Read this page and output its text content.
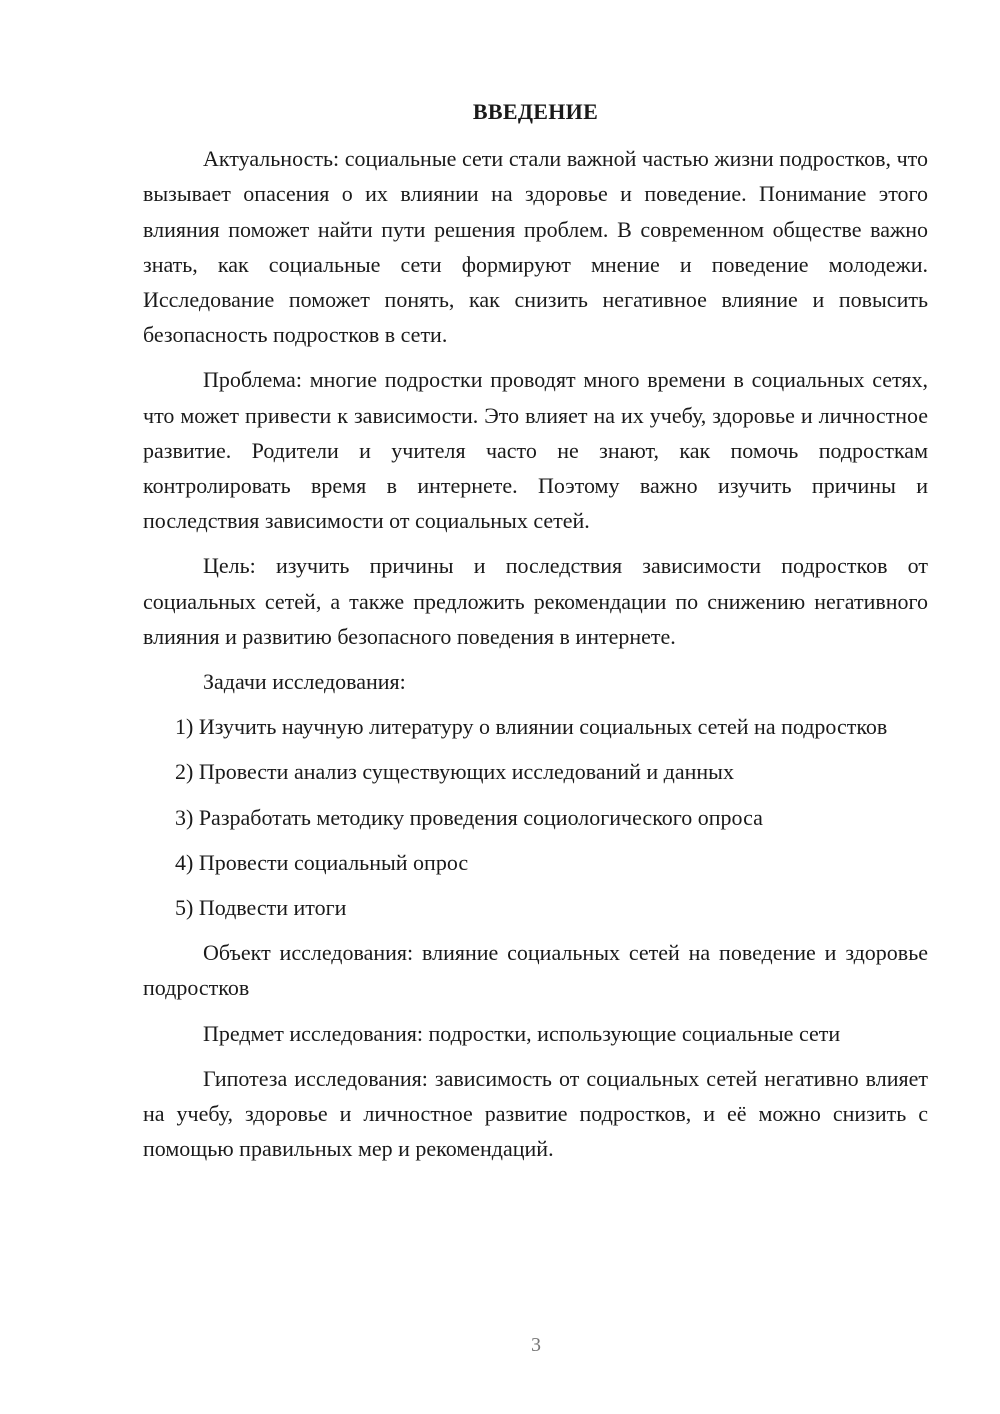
ВВЕДЕНИЕ

Актуальность: социальные сети стали важной частью жизни подростков, что вызывает опасения о их влиянии на здоровье и поведение. Понимание этого влияния поможет найти пути решения проблем. В современном обществе важно знать, как социальные сети формируют мнение и поведение молодежи. Исследование поможет понять, как снизить негативное влияние и повысить безопасность подростков в сети.

Проблема: многие подростки проводят много времени в социальных сетях, что может привести к зависимости. Это влияет на их учебу, здоровье и личностное развитие. Родители и учителя часто не знают, как помочь подросткам контролировать время в интернете. Поэтому важно изучить причины и последствия зависимости от социальных сетей.

Цель: изучить причины и последствия зависимости подростков от социальных сетей, а также предложить рекомендации по снижению негативного влияния и развитию безопасного поведения в интернете.

Задачи исследования:

1) Изучить научную литературу о влиянии социальных сетей на подростков

2) Провести анализ существующих исследований и данных

3) Разработать методику проведения социологического опроса

4) Провести социальный опрос

5) Подвести итоги

Объект исследования: влияние социальных сетей на поведение и здоровье подростков

Предмет исследования: подростки, использующие социальные сети

Гипотеза исследования: зависимость от социальных сетей негативно влияет на учебу, здоровье и личностное развитие подростков, и её можно снизить с помощью правильных мер и рекомендаций.

3
